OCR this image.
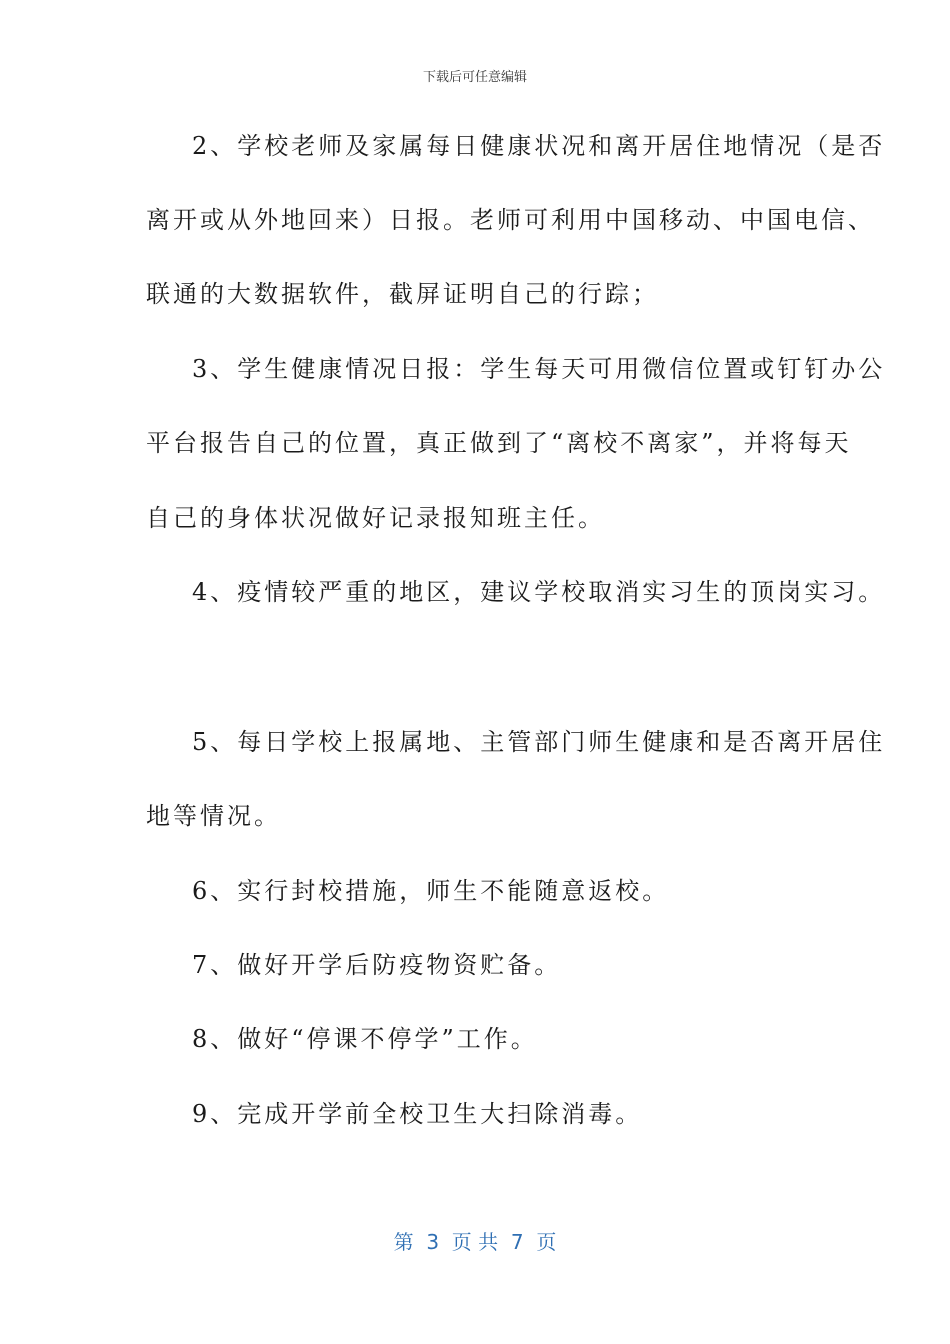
下载后可任意编辑
2、学校老师及家属每日健康状况和离开居住地情况（是否
离开或从外地回来）日报。老师可利用中国移动、中国电信、
联通的大数据软件，截屏证明自己的行踪；
3、学生健康情况日报：学生每天可用微信位置或钉钉办公
平台报告自己的位置，真正做到了“离校不离家”，并将每天
自己的身体状况做好记录报知班主任。
4、疫情较严重的地区，建议学校取消实习生的顶岗实习。
5、每日学校上报属地、主管部门师生健康和是否离开居住
地等情况。
6、实行封校措施，师生不能随意返校。
7、做好开学后防疫物资贮备。
8、做好“停课不停学”工作。
9、完成开学前全校卫生大扫除消毒。
第  3  页 共  7  页
